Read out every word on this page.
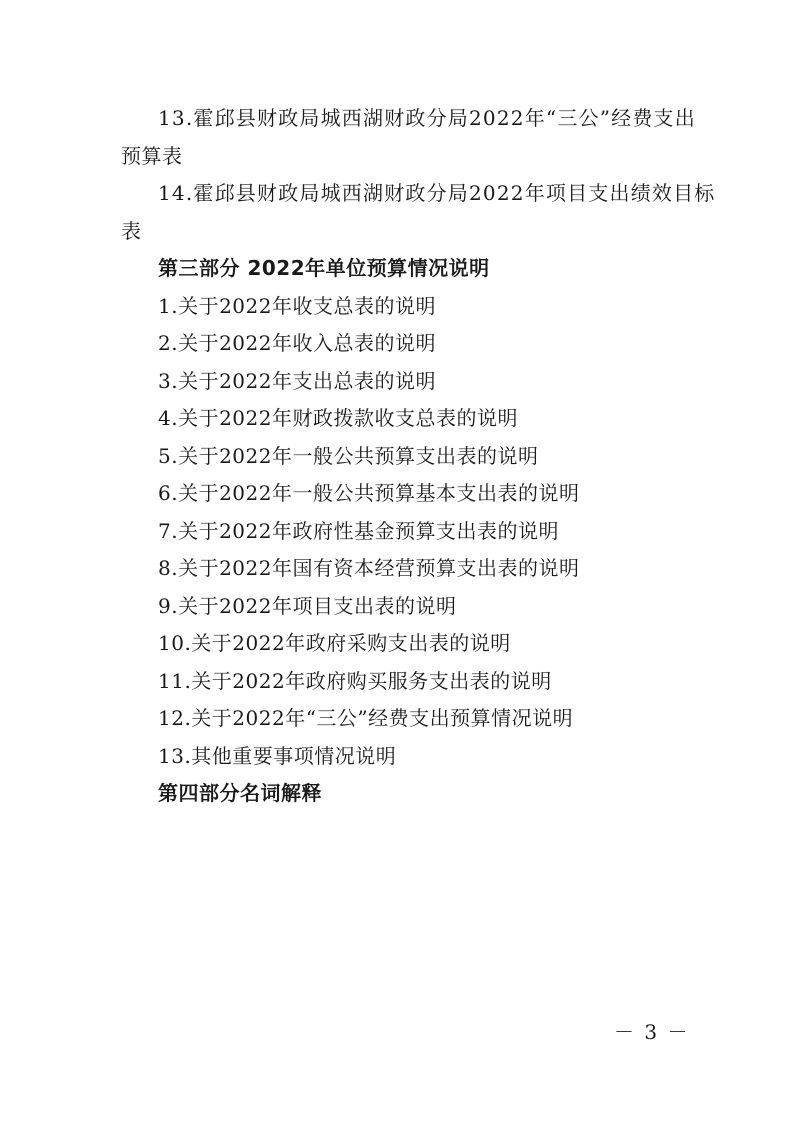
13.霍邱县财政局城西湖财政分局2022年“三公”经费支出
预算表
14.霍邱县财政局城西湖财政分局2022年项目支出绩效目标
表
第三部分 2022年单位预算情况说明
1.关于2022年收支总表的说明
2.关于2022年收入总表的说明
3.关于2022年支出总表的说明
4.关于2022年财政拨款收支总表的说明
5.关于2022年一般公共预算支出表的说明
6.关于2022年一般公共预算基本支出表的说明
7.关于2022年政府性基金预算支出表的说明
8.关于2022年国有资本经营预算支出表的说明
9.关于2022年项目支出表的说明
10.关于2022年政府采购支出表的说明
11.关于2022年政府购买服务支出表的说明
12.关于2022年“三公”经费支出预算情况说明
13.其他重要事项情况说明
第四部分名词解释
－ 3 －
